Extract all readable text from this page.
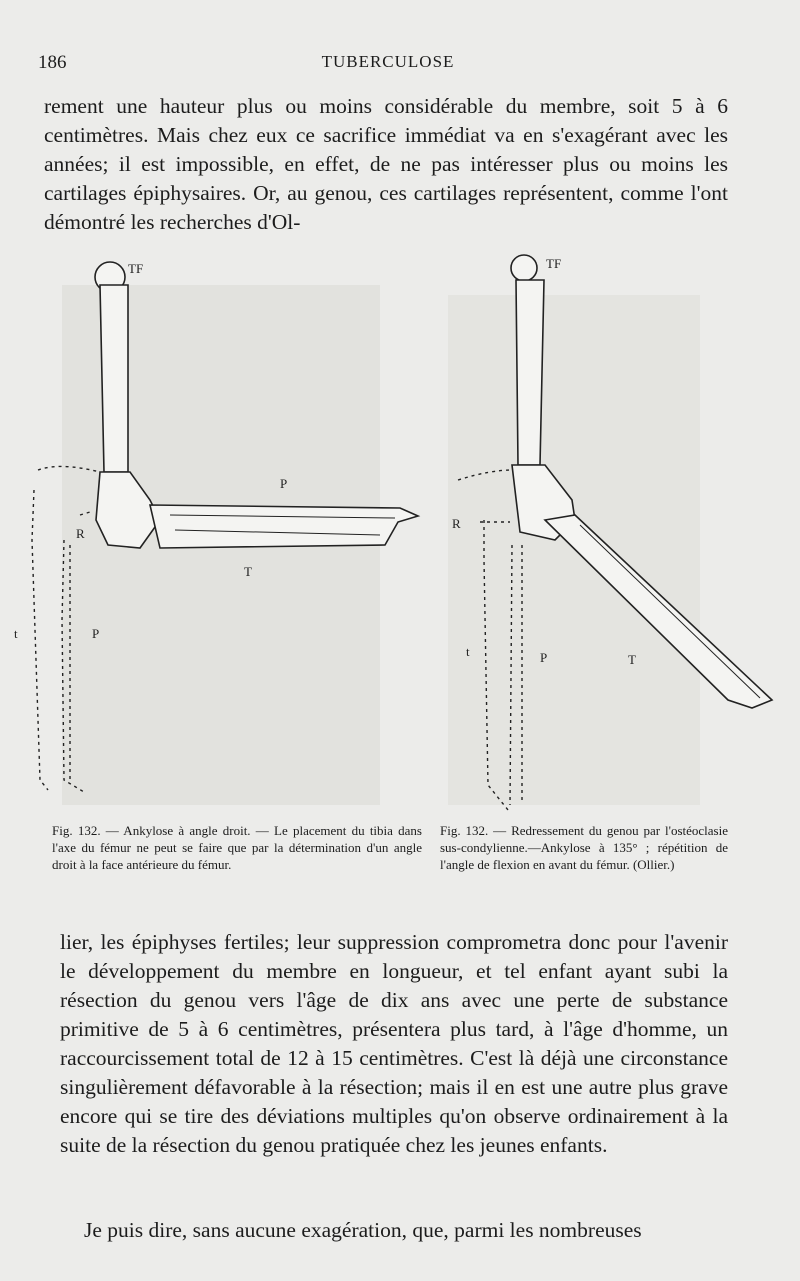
186	TUBERCULOSE

rement une hauteur plus ou moins considérable du membre, soit 5 à 6 centimètres. Mais chez eux ce sacrifice immédiat va en s'exagérant avec les années; il est impossible, en effet, de ne pas intéresser plus ou moins les cartilages épiphysaires. Or, au genou, ces cartilages représentent, comme l'ont démontré les recherches d'Ol-

TF
P
T
R
t	P
TF
R
t	P	T

Fig. 132. — Ankylose à angle droit. — Le placement du tibia dans l'axe du fémur ne peut se faire que par la détermination d'un angle droit à la face antérieure du fémur.

Fig. 132. — Redressement du genou par l'ostéoclasie sus-condylienne.—Ankylose à 135° ; répétition de l'angle de flexion en avant du fémur. (Ollier.)

lier, les épiphyses fertiles; leur suppression comprometra donc pour l'avenir le développement du membre en longueur, et tel enfant ayant subi la résection du genou vers l'âge de dix ans avec une perte de substance primitive de 5 à 6 centimètres, présentera plus tard, à l'âge d'homme, un raccourcissement total de 12 à 15 centimètres. C'est là déjà une circonstance singulièrement défavorable à la résection; mais il en est une autre plus grave encore qui se tire des déviations multiples qu'on observe ordinairement à la suite de la résection du genou pratiquée chez les jeunes enfants.

Je puis dire, sans aucune exagération, que, parmi les nombreuses
